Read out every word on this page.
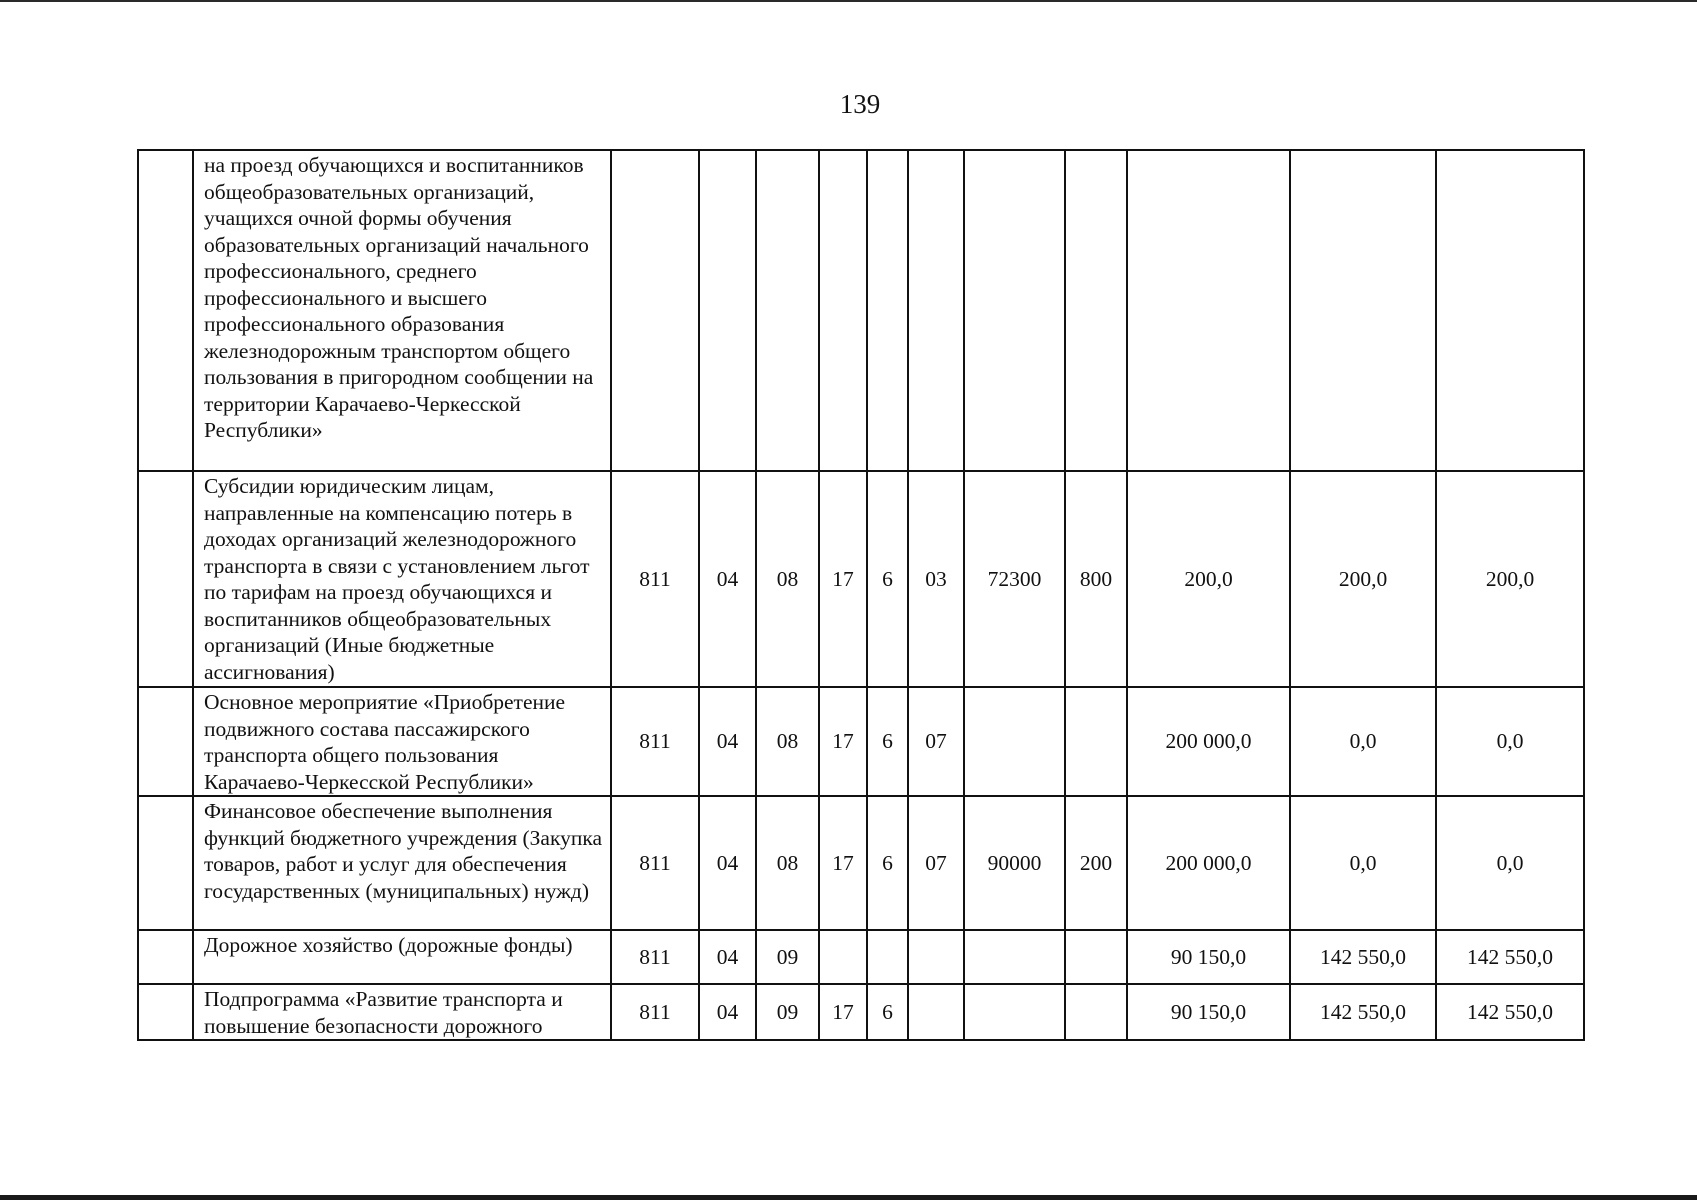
139
	на проезд обучающихся и воспитанников общеобразовательных организаций, учащихся очной формы обучения образовательных организаций начального профессионального, среднего профессионального и высшего профессионального образования железнодорожным транспортом общего пользования в пригородном сообщении на территории Карачаево-Черкесской Республики»											
	Субсидии юридическим лицам, направленные на компенсацию потерь в доходах организаций железнодорожного транспорта в связи с установлением льгот по тарифам на проезд обучающихся и воспитанников общеобразовательных организаций (Иные бюджетные ассигнования)	811	04	08	17	6	03	72300	800	200,0	200,0	200,0
	Основное мероприятие «Приобретение подвижного состава пассажирского транспорта общего пользования Карачаево-Черкесской Республики»	811	04	08	17	6	07			200 000,0	0,0	0,0
	Финансовое обеспечение выполнения функций бюджетного учреждения (Закупка товаров, работ и услуг для обеспечения государственных (муниципальных) нужд)	811	04	08	17	6	07	90000	200	200 000,0	0,0	0,0
	Дорожное хозяйство (дорожные фонды)	811	04	09						90 150,0	142 550,0	142 550,0
	Подпрограмма «Развитие транспорта и повышение безопасности дорожного	811	04	09	17	6				90 150,0	142 550,0	142 550,0
